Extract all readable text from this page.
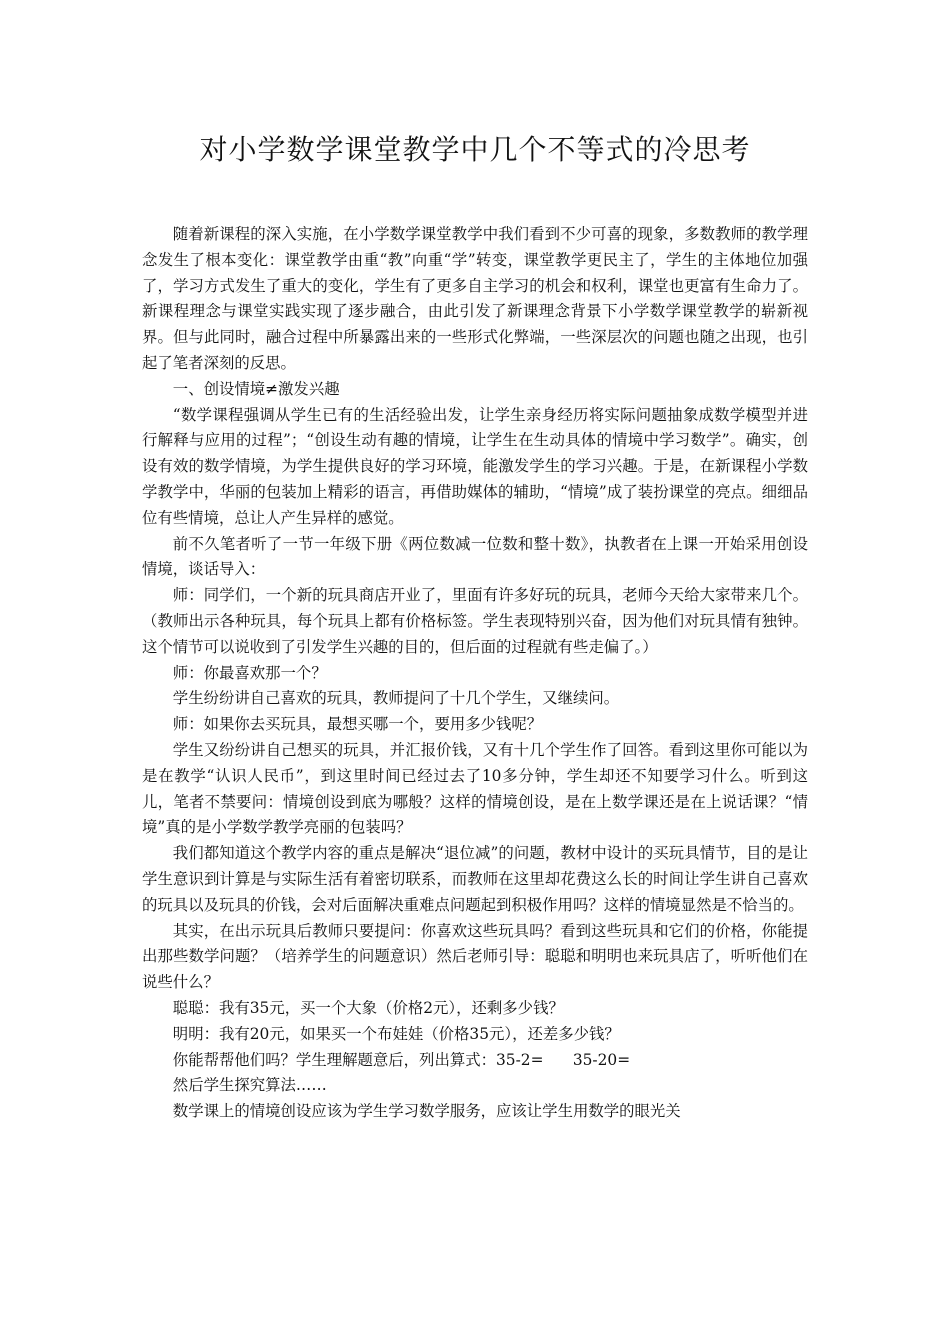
对小学数学课堂教学中几个不等式的冷思考

随着新课程的深入实施，在小学数学课堂教学中我们看到不少可喜的现象，多数教师的教学理念发生了根本变化：课堂教学由重“教”向重“学”转变，课堂教学更民主了，学生的主体地位加强了，学习方式发生了重大的变化，学生有了更多自主学习的机会和权利，课堂也更富有生命力了。新课程理念与课堂实践实现了逐步融合，由此引发了新课理念背景下小学数学课堂教学的崭新视界。但与此同时，融合过程中所暴露出来的一些形式化弊端，一些深层次的问题也随之出现，也引起了笔者深刻的反思。

一、创设情境≠激发兴趣

“数学课程强调从学生已有的生活经验出发，让学生亲身经历将实际问题抽象成数学模型并进行解释与应用的过程”；“创设生动有趣的情境，让学生在生动具体的情境中学习数学”。确实，创设有效的数学情境，为学生提供良好的学习环境，能激发学生的学习兴趣。于是，在新课程小学数学教学中，华丽的包装加上精彩的语言，再借助媒体的辅助，“情境”成了装扮课堂的亮点。细细品位有些情境，总让人产生异样的感觉。

前不久笔者听了一节一年级下册《两位数减一位数和整十数》，执教者在上课一开始采用创设情境，谈话导入：

师：同学们，一个新的玩具商店开业了，里面有许多好玩的玩具，老师今天给大家带来几个。（教师出示各种玩具，每个玩具上都有价格标签。学生表现特别兴奋，因为他们对玩具情有独钟。这个情节可以说收到了引发学生兴趣的目的，但后面的过程就有些走偏了。）

师：你最喜欢那一个？

学生纷纷讲自己喜欢的玩具，教师提问了十几个学生，又继续问。

师：如果你去买玩具，最想买哪一个，要用多少钱呢？

学生又纷纷讲自己想买的玩具，并汇报价钱，又有十几个学生作了回答。看到这里你可能以为是在教学“认识人民币”，到这里时间已经过去了10多分钟，学生却还不知要学习什么。听到这儿，笔者不禁要问：情境创设到底为哪般？这样的情境创设，是在上数学课还是在上说话课？“情境”真的是小学数学教学亮丽的包装吗？

我们都知道这个教学内容的重点是解决“退位减”的问题，教材中设计的买玩具情节，目的是让学生意识到计算是与实际生活有着密切联系，而教师在这里却花费这么长的时间让学生讲自己喜欢的玩具以及玩具的价钱，会对后面解决重难点问题起到积极作用吗？这样的情境显然是不恰当的。

其实，在出示玩具后教师只要提问：你喜欢这些玩具吗？看到这些玩具和它们的价格，你能提出那些数学问题？（培养学生的问题意识）然后老师引导：聪聪和明明也来玩具店了，听听他们在说些什么？

聪聪：我有35元，买一个大象（价格2元），还剩多少钱？

明明：我有20元，如果买一个布娃娃（价格35元），还差多少钱？

你能帮帮他们吗？学生理解题意后，列出算式：35-2=      35-20=

然后学生探究算法……

数学课上的情境创设应该为学生学习数学服务，应该让学生用数学的眼光关
